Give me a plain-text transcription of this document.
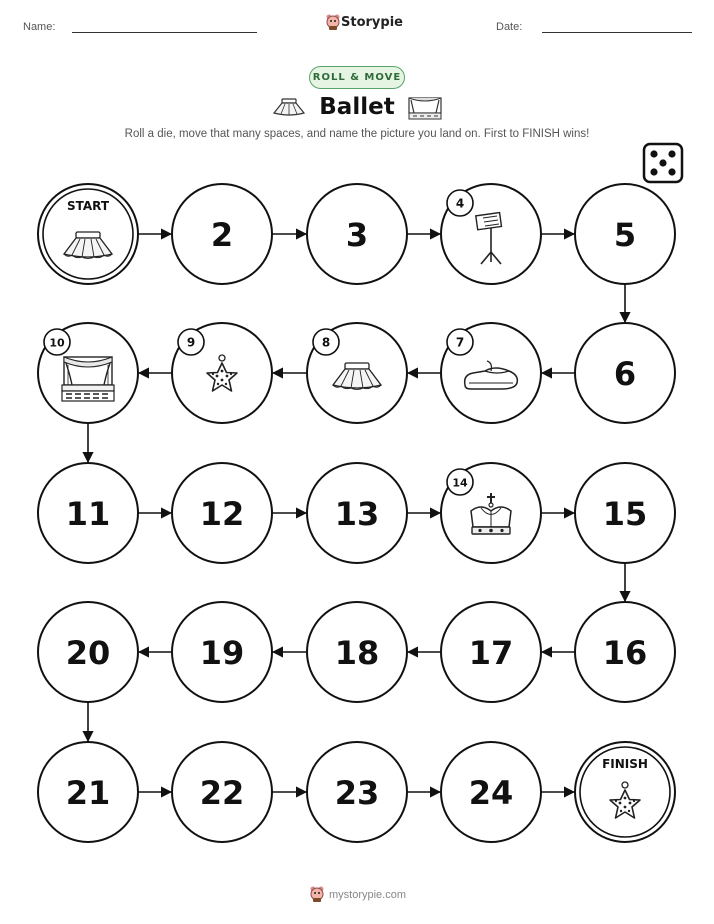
Name:	Storypie	Date:
ROLL & MOVE
Ballet
Roll a die, move that many spaces, and name the picture you land on. First to FINISH wins!
START
2	3
4
5
6
7
8
9
10
11	12	13
14
15
16
17
18
19
20
21	22	23	24
FINISH
mystorypie.com
